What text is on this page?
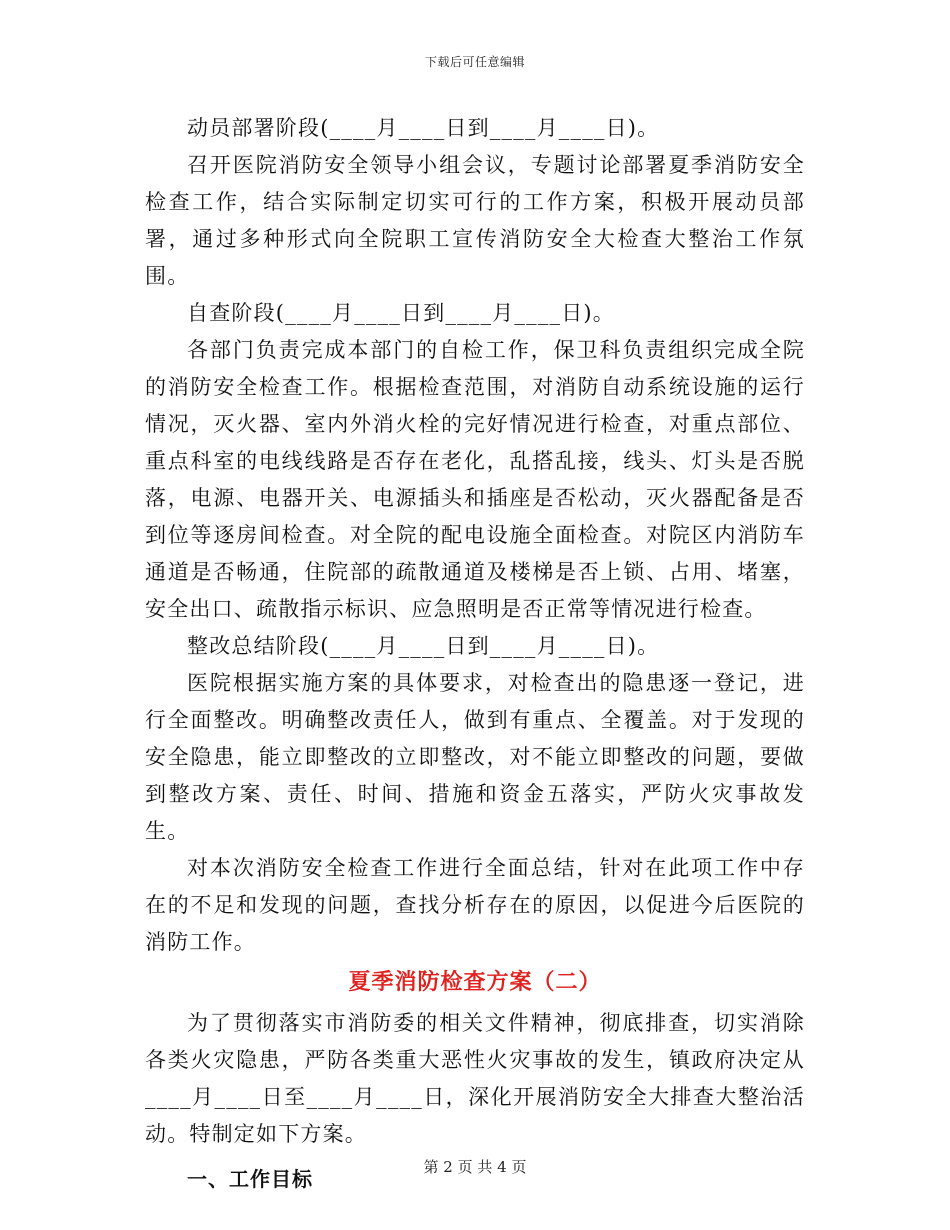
下载后可任意编辑

动员部署阶段(____月____日到____月____日)。

召开医院消防安全领导小组会议，专题讨论部署夏季消防安全检查工作，结合实际制定切实可行的工作方案，积极开展动员部署，通过多种形式向全院职工宣传消防安全大检查大整治工作氛围。

自查阶段(____月____日到____月____日)。

各部门负责完成本部门的自检工作，保卫科负责组织完成全院的消防安全检查工作。根据检查范围，对消防自动系统设施的运行情况，灭火器、室内外消火栓的完好情况进行检查，对重点部位、重点科室的电线线路是否存在老化，乱搭乱接，线头、灯头是否脱落，电源、电器开关、电源插头和插座是否松动，灭火器配备是否到位等逐房间检查。对全院的配电设施全面检查。对院区内消防车通道是否畅通，住院部的疏散通道及楼梯是否上锁、占用、堵塞，安全出口、疏散指示标识、应急照明是否正常等情况进行检查。

整改总结阶段(____月____日到____月____日)。

医院根据实施方案的具体要求，对检查出的隐患逐一登记，进行全面整改。明确整改责任人，做到有重点、全覆盖。对于发现的安全隐患，能立即整改的立即整改，对不能立即整改的问题，要做到整改方案、责任、时间、措施和资金五落实，严防火灾事故发生。

对本次消防安全检查工作进行全面总结，针对在此项工作中存在的不足和发现的问题，查找分析存在的原因，以促进今后医院的消防工作。

夏季消防检查方案（二）

为了贯彻落实市消防委的相关文件精神，彻底排查，切实消除各类火灾隐患，严防各类重大恶性火灾事故的发生，镇政府决定从____月____日至____月____日，深化开展消防安全大排查大整治活动。特制定如下方案。

一、工作目标	第 2 页 共 4 页
